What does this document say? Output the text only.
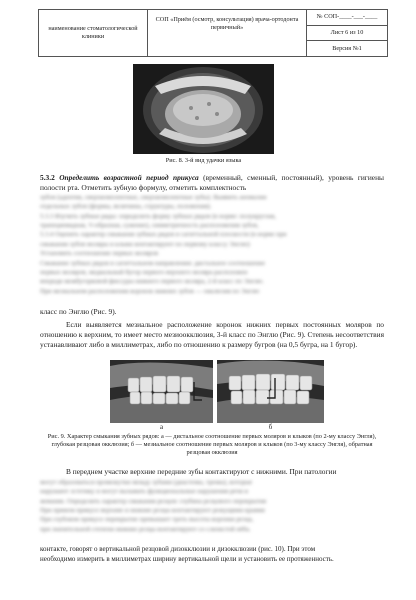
наименование стоматологической клиники
СОП «Приём (осмотр, консультация) врача-ортодонта первичный»
№ СОП-____-___-____
Лист 6 из 10
Версия №1
Рис. 8. 3-й вид удачки языка
5.3.2 Определить возрастной период прикуса (временный, сменный, постоянный), уровень гигиены полости рта. Отметить зубную формулу, отметить комплектность
зубов (адентия, сверхкомплектные, сверхкомплектные зубы). Выявить аномалии
отдельных зубов (формы, величины, структуры, положения).
5.3.3 Изучить зубные ряды: определить форму зубных рядов (в норме: полукруглая,
трапециевидная, V-образная, сужение), симметричность расположения зубов,
5.3.4 Оценить характер смыкания зубных рядов в сагиттальной плоскости (в норме при
смыкании зубов моляры и клыки контактируют по первому классу Энглю)
Установить соотношение первых моляров
Смыкание зубных рядов в сагиттальном направлении: дистальное соотношение
первых моляров, медиальный бугор первого верхнего моляра расположен
впереди межбугорковой фиссуры нижнего первого моляра, 2-й класс по Энглю.
При мезиальном расположении коронок нижних зубов — окклюзия по Энглю
класс по Энглю (Рис. 9).
Если выявляется мезиальное расположение коронок нижних первых постоянных моляров по отношению к верхним, то имеет место мезиоокклюзия, 3-й класс по Энглю (Рис. 9). Степень несоответствия устанавливают либо в миллиметрах, либо по отношению к размеру бугров (на 0,5 бугра, на 1 бугор).
а	б
Рис. 9. Характер смыкания зубных рядов: а — дистальное соотношение первых моляров и клыков (по 2-му классу Энгля), глубокая резцовая окклюзия; б — мезиальное соотношение первых моляров и клыков (по 3-му классу Энгля), обратная резцовая окклюзия
В переднем участке верхние передние зубы контактируют с нижними. При патологии
могут образоваться промежутки между зубами (диастемы, тремы), которые
нарушают эстетику и могут вызывать функциональные нарушения речи и
жевания. Определить характер смыкания резцов: глубина резцового перекрытия
При прямом прикусе верхние и нижние резцы контактируют режущими краями
При глубоком прикусе перекрытие превышает треть высоты коронки резца,
при значительной степени нижние резцы контактируют со слизистой нёба.
контакте, говорят о вертикальной резцовой дизокклюзии и дизокклюзии (рис. 10). При этом
необходимо измерить в миллиметрах ширину вертикальной щели и установить ее протяженность.
